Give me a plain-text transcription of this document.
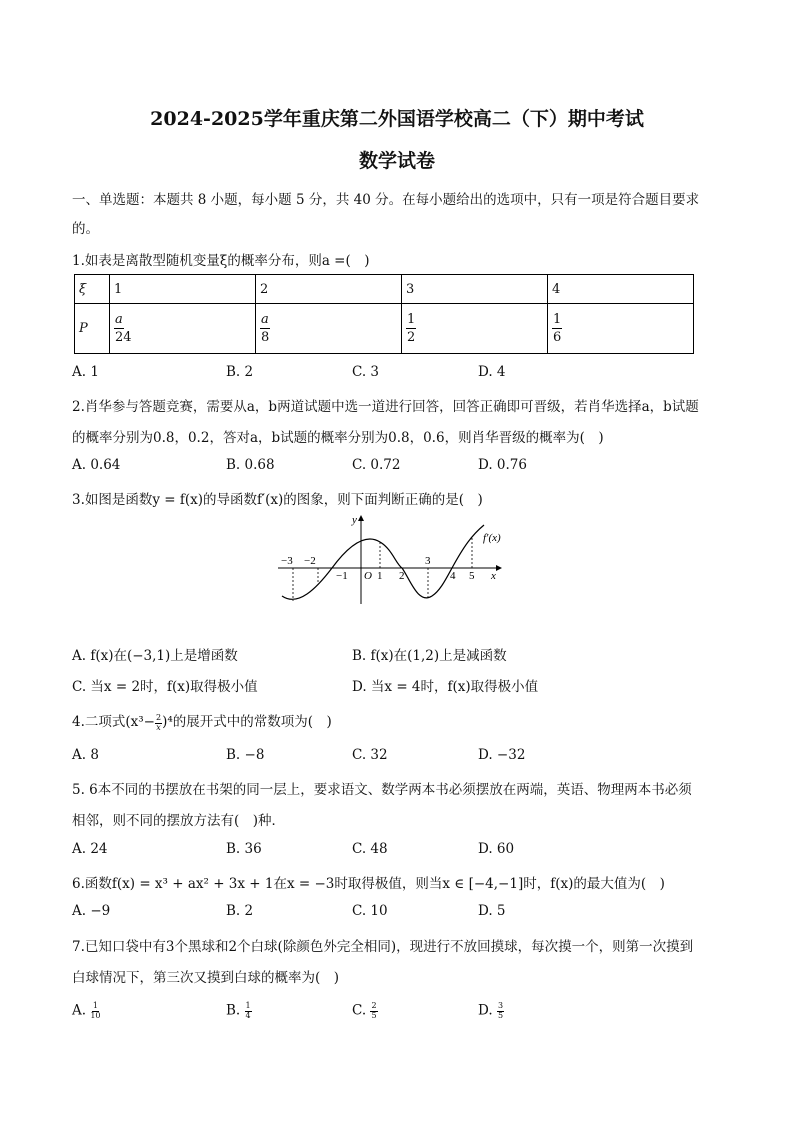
2024-2025学年重庆第二外国语学校高二（下）期中考试
数学试卷
一、单选题：本题共 8 小题，每小题 5 分，共 40 分。在每小题给出的选项中，只有一项是符合题目要求
的。
1.如表是离散型随机变量ξ的概率分布，则a =(　)
ξ	1	2	3	4
P	$\frac{a}{24}$	$\frac{a}{8}$	$\frac{1}{2}$	$\frac{1}{6}$
A. 1	B. 2	C. 3	D. 4
2.肖华参与答题竞赛，需要从a，b两道试题中选一道进行回答，回答正确即可晋级，若肖华选择a，b试题
的概率分别为0.8，0.2，答对a，b试题的概率分别为0.8，0.6，则肖华晋级的概率为(　)
A. 0.64	B. 0.68	C. 0.72	D. 0.76
3.如图是函数y = f(x)的导函数f′(x)的图象，则下面判断正确的是(　)
y
x
O
f′(x)
−3 −2
−1	1 2
3
4 5
A. f(x)在(−3,1)上是增函数	B. f(x)在(1,2)上是减函数
C. 当x = 2时，f(x)取得极小值	D. 当x = 4时，f(x)取得极小值
4.二项式$(x^3- \frac{2}{x} )^4$的展开式中的常数项为(　)
A. 8	B. −8	C. 32	D. −32
5. 6本不同的书摆放在书架的同一层上，要求语文、数学两本书必须摆放在两端，英语、物理两本书必须
相邻，则不同的摆放方法有(　)种．
A. 24	B. 36	C. 48	D. 60
6.函数f(x) = x³ + ax² + 3x + 1在x = −3时取得极值，则当x ∈ [−4,−1]时，f(x)的最大值为(　)
A. −9	B. 2	C. 10	D. 5
7.已知口袋中有3个黑球和2个白球(除颜色外完全相同)，现进行不放回摸球，每次摸一个，则第一次摸到
白球情况下，第三次又摸到白球的概率为(　)
A. $\frac{1}{10}$	B. $\frac{1}{4}$	C. $\frac{2}{5}$	D. $\frac{3}{5}$
